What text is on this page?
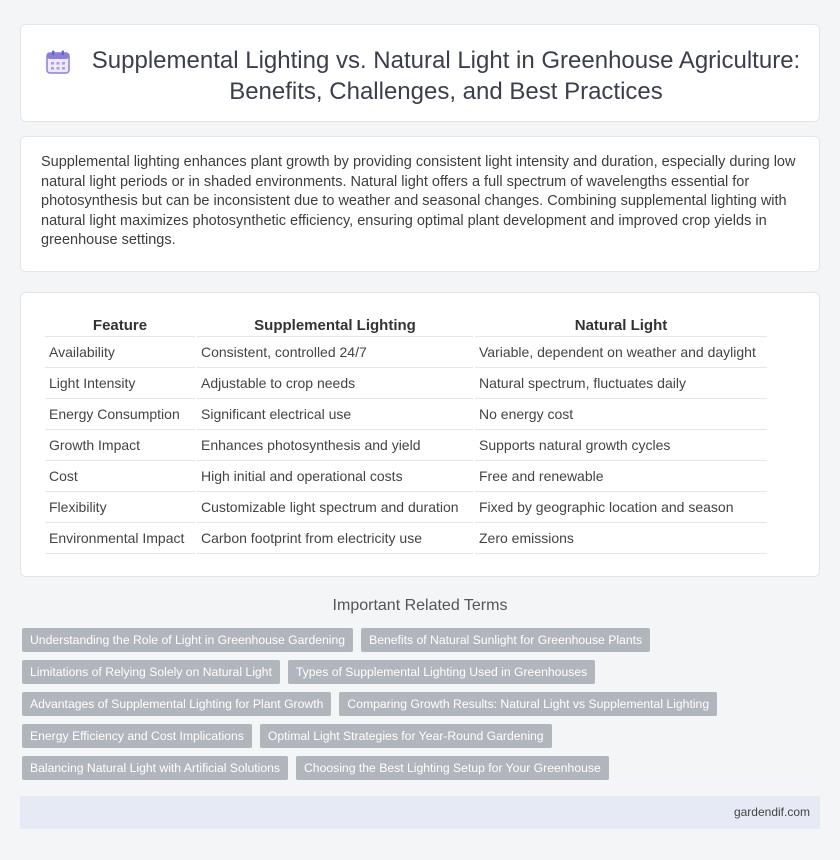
Supplemental Lighting vs. Natural Light in Greenhouse Agriculture: Benefits, Challenges, and Best Practices

Supplemental lighting enhances plant growth by providing consistent light intensity and duration, especially during low natural light periods or in shaded environments. Natural light offers a full spectrum of wavelengths essential for photosynthesis but can be inconsistent due to weather and seasonal changes. Combining supplemental lighting with natural light maximizes photosynthetic efficiency, ensuring optimal plant development and improved crop yields in greenhouse settings.

Feature	Supplemental Lighting	Natural Light
Availability	Consistent, controlled 24/7	Variable, dependent on weather and daylight
Light Intensity	Adjustable to crop needs	Natural spectrum, fluctuates daily
Energy Consumption	Significant electrical use	No energy cost
Growth Impact	Enhances photosynthesis and yield	Supports natural growth cycles
Cost	High initial and operational costs	Free and renewable
Flexibility	Customizable light spectrum and duration	Fixed by geographic location and season
Environmental Impact	Carbon footprint from electricity use	Zero emissions
Important Related Terms
Understanding the Role of Light in Greenhouse Gardening	Benefits of Natural Sunlight for Greenhouse Plants
Limitations of Relying Solely on Natural Light	Types of Supplemental Lighting Used in Greenhouses
Advantages of Supplemental Lighting for Plant Growth	Comparing Growth Results: Natural Light vs Supplemental Lighting
Energy Efficiency and Cost Implications	Optimal Light Strategies for Year-Round Gardening
Balancing Natural Light with Artificial Solutions	Choosing the Best Lighting Setup for Your Greenhouse
gardendif.com
